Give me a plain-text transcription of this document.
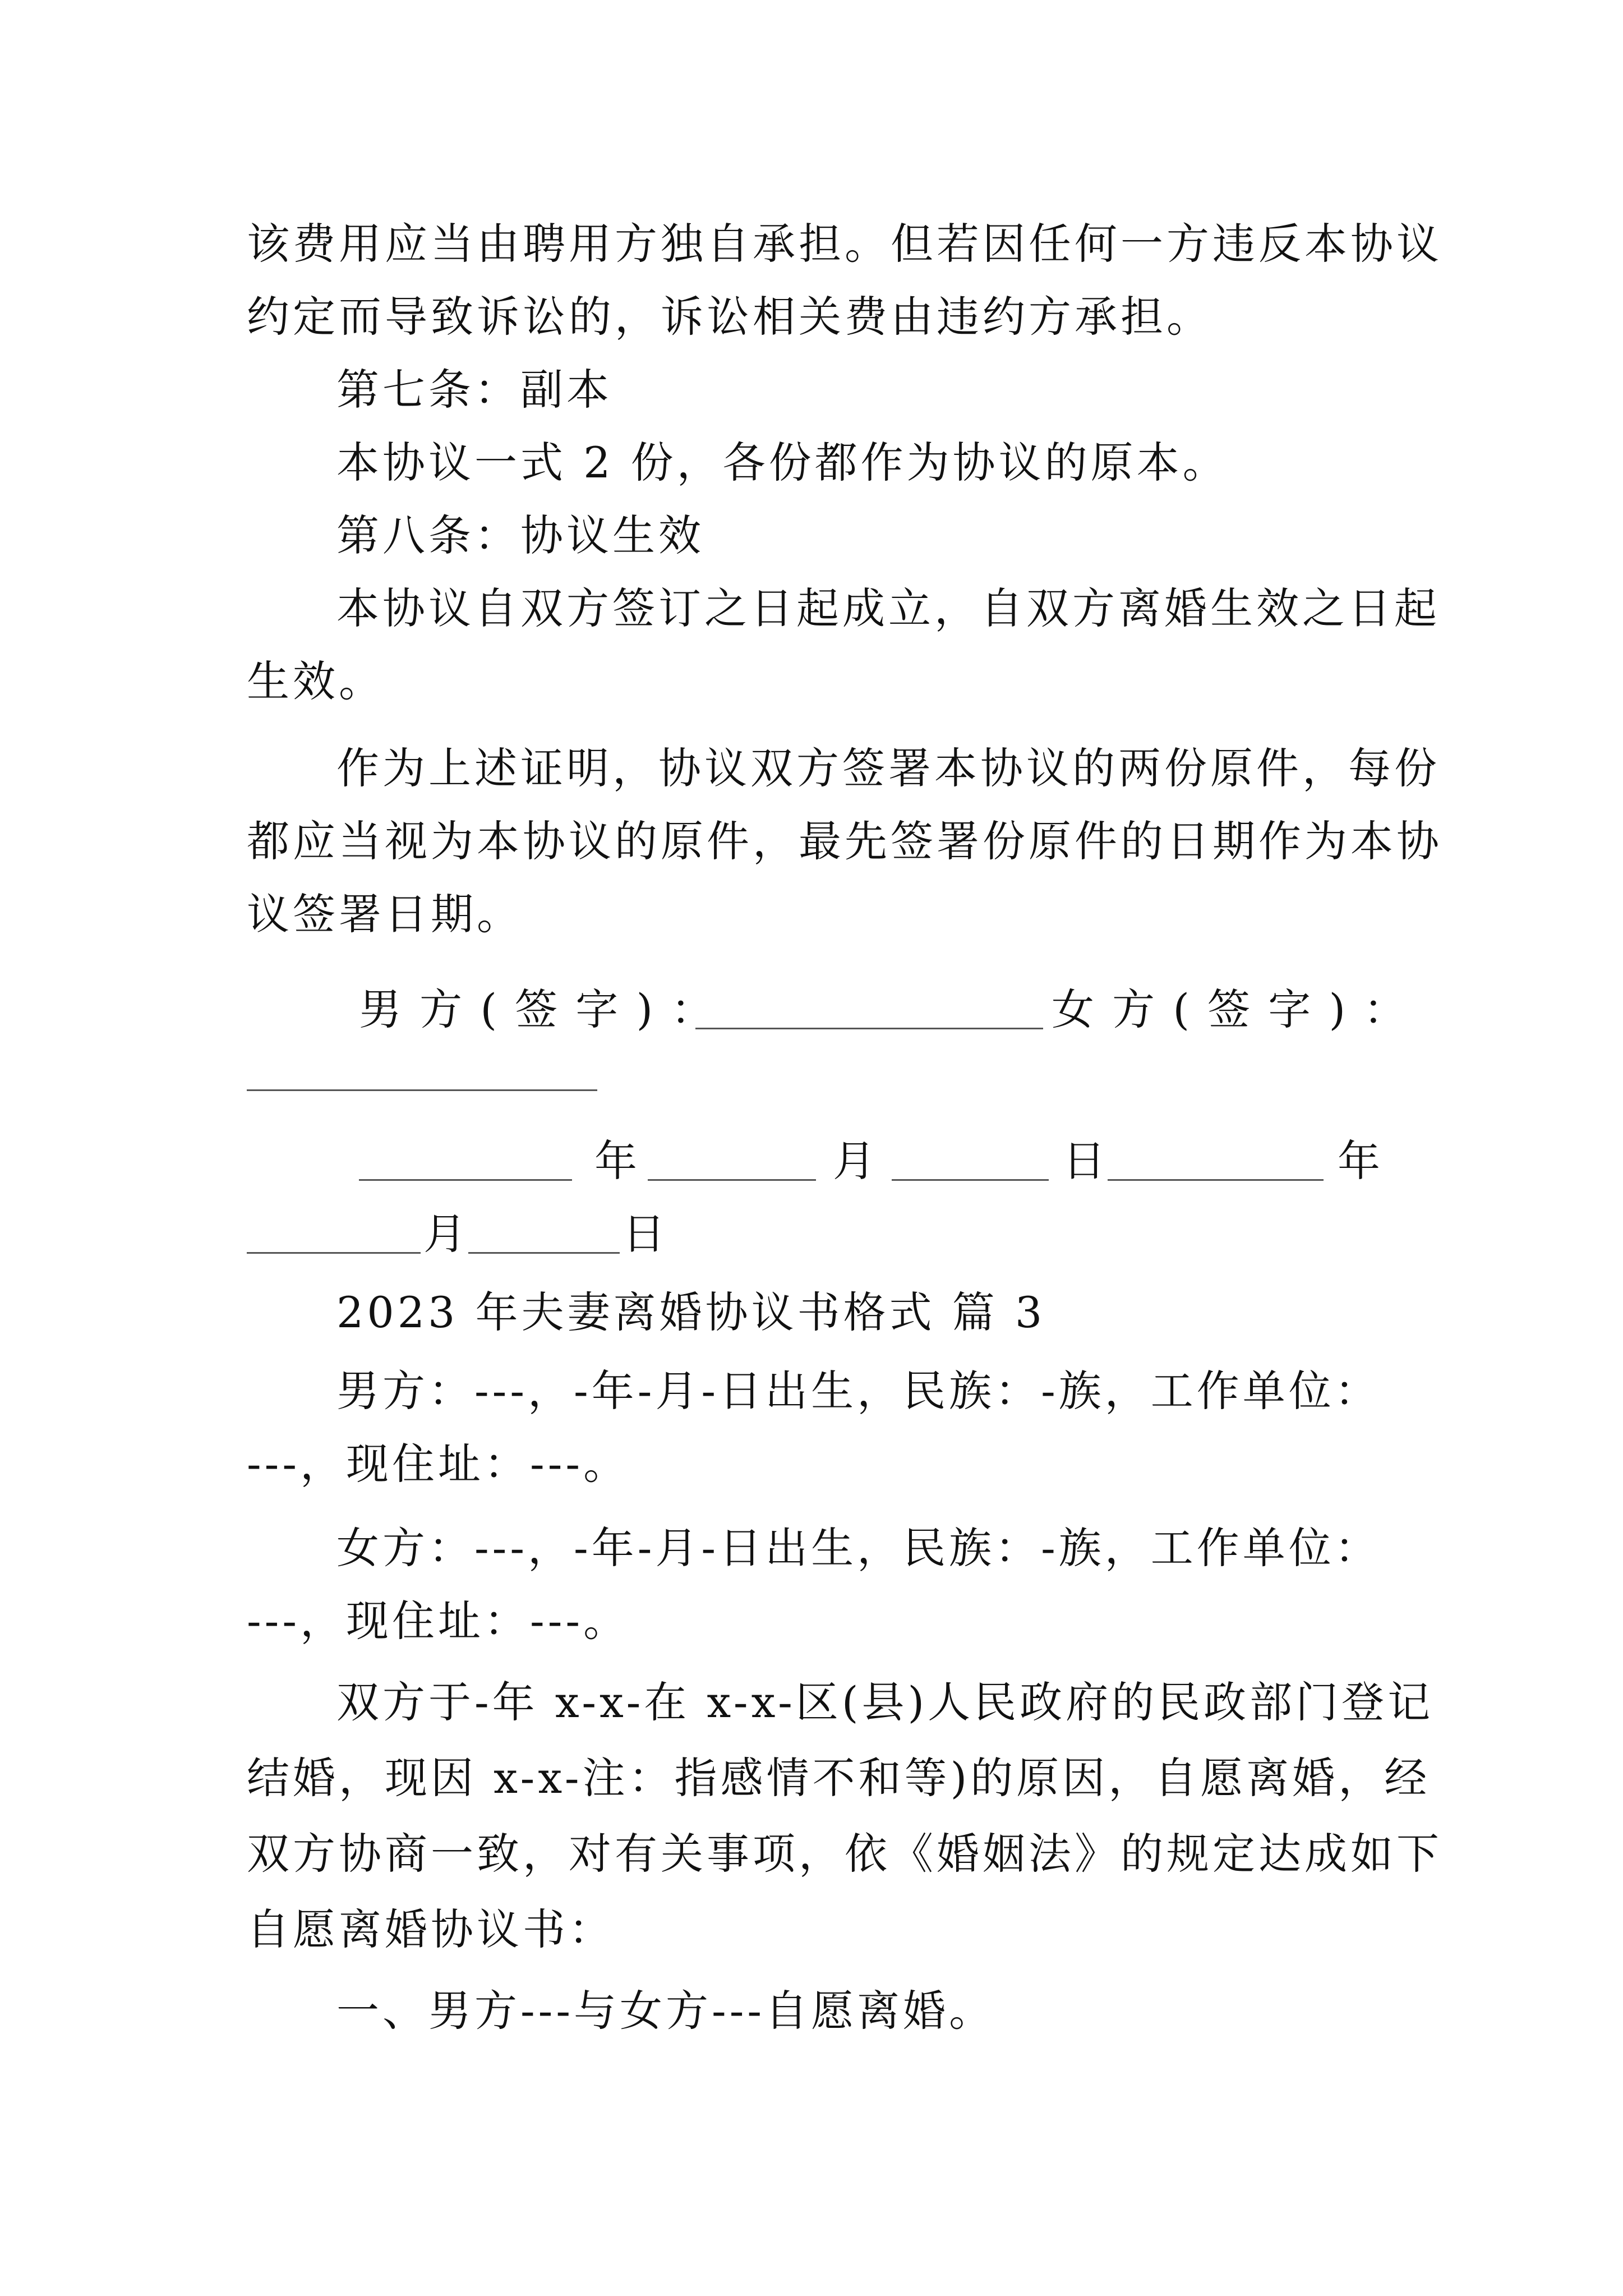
该费用应当由聘用方独自承担。但若因任何一方违反本协议
约定而导致诉讼的，诉讼相关费由违约方承担。
第七条：副本
本协议一式 2 份，各份都作为协议的原本。
第八条：协议生效
本协议自双方签订之日起成立，自双方离婚生效之日起
生效。
作为上述证明，协议双方签署本协议的两份原件，每份
都应当视为本协议的原件，最先签署份原件的日期作为本协
议签署日期。
男 方 ( 签 字 ) ：	女 方 ( 签 字 ) ：
年	月	日	年
月	日
2023 年夫妻离婚协议书格式 篇 3
男方：---，-年-月-日出生，民族：-族，工作单位：
---，现住址：---。
女方：---，-年-月-日出生，民族：-族，工作单位：
---，现住址：---。
双方于-年 x-x-在 x-x-区(县)人民政府的民政部门登记
结婚，现因 x-x-注：指感情不和等)的原因，自愿离婚，经
双方协商一致，对有关事项，依《婚姻法》的规定达成如下
自愿离婚协议书：
一、男方---与女方---自愿离婚。
